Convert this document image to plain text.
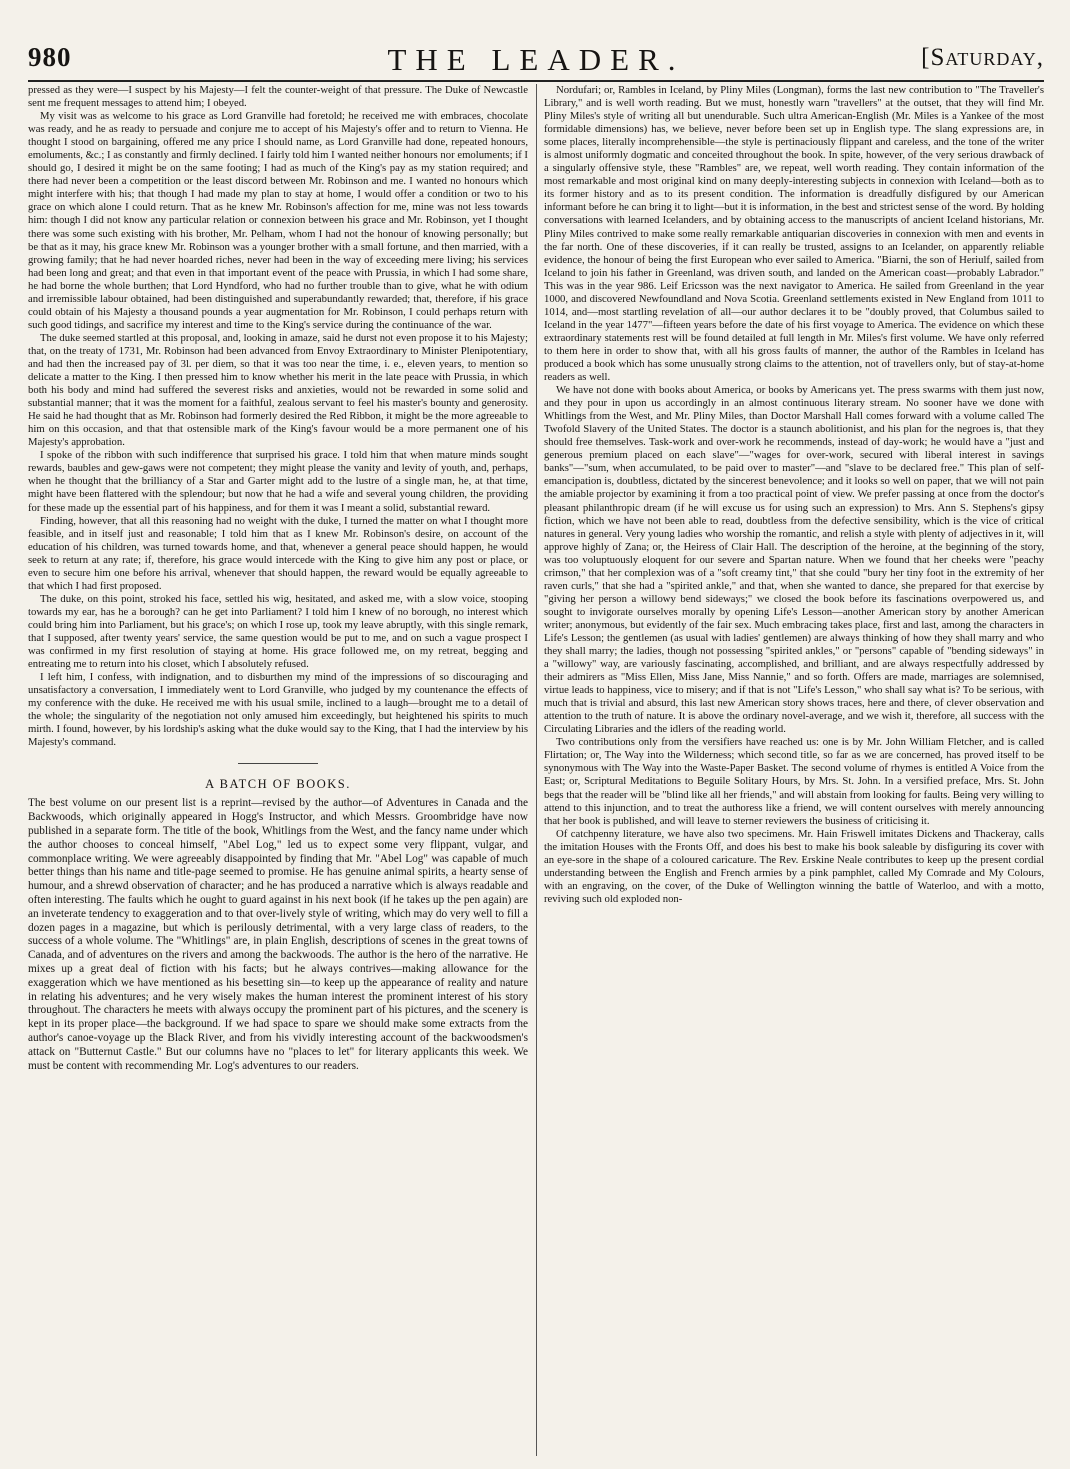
980	THE LEADER.
[	Saturday,

pressed as they were—I suspect by his Majesty—I felt the counter-weight of that pressure. The Duke of Newcastle sent me frequent messages to attend him; I obeyed.

My visit was as welcome to his grace as Lord Granville had foretold; he received me with embraces, chocolate was ready, and he as ready to persuade and conjure me to accept of his Majesty's offer and to return to Vienna. He thought I stood on bargaining, offered me any price I should name, as Lord Granville had done, repeated honours, emoluments, &c.; I as constantly and firmly declined. I fairly told him I wanted neither honours nor emoluments; if I should go, I desired it might be on the same footing; I had as much of the King's pay as my station required; and there had never been a competition or the least discord between Mr. Robinson and me. I wanted no honours which might interfere with his; that though I had made my plan to stay at home, I would offer a condition or two to his grace on which alone I could return. That as he knew Mr. Robinson's affection for me, mine was not less towards him: though I did not know any particular relation or connexion between his grace and Mr. Robinson, yet I thought there was some such existing with his brother, Mr. Pelham, whom I had not the honour of knowing personally; but be that as it may, his grace knew Mr. Robinson was a younger brother with a small fortune, and then married, with a growing family; that he had never hoarded riches, never had been in the way of exceeding mere living; his services had been long and great; and that even in that important event of the peace with Prussia, in which I had some share, he had borne the whole burthen; that Lord Hyndford, who had no further trouble than to give, what he with odium and irremissible labour obtained, had been distinguished and superabundantly rewarded; that, therefore, if his grace could obtain of his Majesty a thousand pounds a year augmentation for Mr. Robinson, I could perhaps return with such good tidings, and sacrifice my interest and time to the King's service during the continuance of the war.

The duke seemed startled at this proposal, and, looking in amaze, said he durst not even propose it to his Majesty; that, on the treaty of 1731, Mr. Robinson had been advanced from Envoy Extraordinary to Minister Plenipotentiary, and had then the increased pay of 3l. per diem, so that it was too near the time, i. e., eleven years, to mention so delicate a matter to the King. I then pressed him to know whether his merit in the late peace with Prussia, in which both his body and mind had suffered the severest risks and anxieties, would not be rewarded in some solid and substantial manner; that it was the moment for a faithful, zealous servant to feel his master's bounty and generosity. He said he had thought that as Mr. Robinson had formerly desired the Red Ribbon, it might be the more agreeable to him on this occasion, and that that ostensible mark of the King's favour would be a more permanent one of his Majesty's approbation.

I spoke of the ribbon with such indifference that surprised his grace. I told him that when mature minds sought rewards, baubles and gew-gaws were not competent; they might please the vanity and levity of youth, and, perhaps, when he thought that the brilliancy of a Star and Garter might add to the lustre of a single man, he, at that time, might have been flattered with the splendour; but now that he had a wife and several young children, the providing for these made up the essential part of his happiness, and for them it was I meant a solid, substantial reward.

Finding, however, that all this reasoning had no weight with the duke, I turned the matter on what I thought more feasible, and in itself just and reasonable; I told him that as I knew Mr. Robinson's desire, on account of the education of his children, was turned towards home, and that, whenever a general peace should happen, he would seek to return at any rate; if, therefore, his grace would intercede with the King to give him any post or place, or even to secure him one before his arrival, whenever that should happen, the reward would be equally agreeable to that which I had first proposed.

The duke, on this point, stroked his face, settled his wig, hesitated, and asked me, with a slow voice, stooping towards my ear, has he a borough? can he get into Parliament? I told him I knew of no borough, no interest which could bring him into Parliament, but his grace's; on which I rose up, took my leave abruptly, with this single remark, that I supposed, after twenty years' service, the same question would be put to me, and on such a vague prospect I was confirmed in my first resolution of staying at home. His grace followed me, on my retreat, begging and entreating me to return into his closet, which I absolutely refused.

I left him, I confess, with indignation, and to disburthen my mind of the impressions of so discouraging and unsatisfactory a conversation, I immediately went to Lord Granville, who judged by my countenance the effects of my conference with the duke. He received me with his usual smile, inclined to a laugh—brought me to a detail of the whole; the singularity of the negotiation not only amused him exceedingly, but heightened his spirits to much mirth. I found, however, by his lordship's asking what the duke would say to the King, that I had the interview by his Majesty's command.

A BATCH OF BOOKS.

The best volume on our present list is a reprint—revised by the author—of Adventures in Canada and the Backwoods, which originally appeared in Hogg's Instructor, and which Messrs. Groombridge have now published in a separate form. The title of the book, Whitlings from the West, and the fancy name under which the author chooses to conceal himself, "Abel Log," led us to expect some very flippant, vulgar, and commonplace writing. We were agreeably disappointed by finding that Mr. "Abel Log" was capable of much better things than his name and title-page seemed to promise. He has genuine animal spirits, a hearty sense of humour, and a shrewd observation of character; and he has produced a narrative which is always readable and often interesting. The faults which he ought to guard against in his next book (if he takes up the pen again) are an inveterate tendency to exaggeration and to that over-lively style of writing, which may do very well to fill a dozen pages in a magazine, but which is perilously detrimental, with a very large class of readers, to the success of a whole volume. The "Whitlings" are, in plain English, descriptions of scenes in the great towns of Canada, and of adventures on the rivers and among the backwoods. The author is the hero of the narrative. He mixes up a great deal of fiction with his facts; but he always contrives—making allowance for the exaggeration which we have mentioned as his besetting sin—to keep up the appearance of reality and nature in relating his adventures; and he very wisely makes the human interest the prominent interest of his story throughout. The characters he meets with always occupy the prominent part of his pictures, and the scenery is kept in its proper place—the background. If we had space to spare we should make some extracts from the author's canoe-voyage up the Black River, and from his vividly interesting account of the backwoodsmen's attack on "Butternut Castle." But our columns have no "places to let" for literary applicants this week. We must be content with recommending Mr. Log's adventures to our readers.

Nordufari; or, Rambles in Iceland, by Pliny Miles (Longman), forms the last new contribution to "The Traveller's Library," and is well worth reading. But we must, honestly warn "travellers" at the outset, that they will find Mr. Pliny Miles's style of writing all but unendurable. Such ultra American-English (Mr. Miles is a Yankee of the most formidable dimensions) has, we believe, never before been set up in English type. The slang expressions are, in some places, literally incomprehensible—the style is pertinaciously flippant and careless, and the tone of the writer is almost uniformly dogmatic and conceited throughout the book. In spite, however, of the very serious drawback of a singularly offensive style, these "Rambles" are, we repeat, well worth reading. They contain information of the most remarkable and most original kind on many deeply-interesting subjects in connexion with Iceland—both as to its former history and as to its present condition. The information is dreadfully disfigured by our American informant before he can bring it to light—but it is information, in the best and strictest sense of the word. By holding conversations with learned Icelanders, and by obtaining access to the manuscripts of ancient Iceland historians, Mr. Pliny Miles contrived to make some really remarkable antiquarian discoveries in connexion with men and events in the far north. One of these discoveries, if it can really be trusted, assigns to an Icelander, on apparently reliable evidence, the honour of being the first European who ever sailed to America. "Biarni, the son of Heriulf, sailed from Iceland to join his father in Greenland, was driven south, and landed on the American coast—probably Labrador." This was in the year 986. Leif Ericsson was the next navigator to America. He sailed from Greenland in the year 1000, and discovered Newfoundland and Nova Scotia. Greenland settlements existed in New England from 1011 to 1014, and—most startling revelation of all—our author declares it to be "doubly proved, that Columbus sailed to Iceland in the year 1477"—fifteen years before the date of his first voyage to America. The evidence on which these extraordinary statements rest will be found detailed at full length in Mr. Miles's first volume. We have only referred to them here in order to show that, with all his gross faults of manner, the author of the Rambles in Iceland has produced a book which has some unusually strong claims to the attention, not of travellers only, but of stay-at-home readers as well.

We have not done with books about America, or books by Americans yet. The press swarms with them just now, and they pour in upon us accordingly in an almost continuous literary stream. No sooner have we done with Whitlings from the West, and Mr. Pliny Miles, than Doctor Marshall Hall comes forward with a volume called The Twofold Slavery of the United States. The doctor is a staunch abolitionist, and his plan for the negroes is, that they should free themselves. Task-work and over-work he recommends, instead of day-work; he would have a "just and generous premium placed on each slave"—"wages for over-work, secured with liberal interest in savings banks"—"sum, when accumulated, to be paid over to master"—and "slave to be declared free." This plan of self-emancipation is, doubtless, dictated by the sincerest benevolence; and it looks so well on paper, that we will not pain the amiable projector by examining it from a too practical point of view. We prefer passing at once from the doctor's pleasant philanthropic dream (if he will excuse us for using such an expression) to Mrs. Ann S. Stephens's gipsy fiction, which we have not been able to read, doubtless from the defective sensibility, which is the vice of critical natures in general. Very young ladies who worship the romantic, and relish a style with plenty of adjectives in it, will approve highly of Zana; or, the Heiress of Clair Hall. The description of the heroine, at the beginning of the story, was too voluptuously eloquent for our severe and Spartan nature. When we found that her cheeks were "peachy crimson," that her complexion was of a "soft creamy tint," that she could "bury her tiny foot in the extremity of her raven curls," that she had a "spirited ankle," and that, when she wanted to dance, she prepared for that exercise by "giving her person a willowy bend sideways;" we closed the book before its fascinations overpowered us, and sought to invigorate ourselves morally by opening Life's Lesson—another American story by another American writer; anonymous, but evidently of the fair sex. Much embracing takes place, first and last, among the characters in Life's Lesson; the gentlemen (as usual with ladies' gentlemen) are always thinking of how they shall marry and who they shall marry; the ladies, though not possessing "spirited ankles," or "persons" capable of "bending sideways" in a "willowy" way, are variously fascinating, accomplished, and brilliant, and are always respectfully addressed by their admirers as "Miss Ellen, Miss Jane, Miss Nannie," and so forth. Offers are made, marriages are solemnised, virtue leads to happiness, vice to misery; and if that is not "Life's Lesson," who shall say what is? To be serious, with much that is trivial and absurd, this last new American story shows traces, here and there, of clever observation and attention to the truth of nature. It is above the ordinary novel-average, and we wish it, therefore, all success with the Circulating Libraries and the idlers of the reading world.

Two contributions only from the versifiers have reached us: one is by Mr. John William Fletcher, and is called Flirtation; or, The Way into the Wilderness; which second title, so far as we are concerned, has proved itself to be synonymous with The Way into the Waste-Paper Basket. The second volume of rhymes is entitled A Voice from the East; or, Scriptural Meditations to Beguile Solitary Hours, by Mrs. St. John. In a versified preface, Mrs. St. John begs that the reader will be "blind like all her friends," and will abstain from looking for faults. Being very willing to attend to this injunction, and to treat the authoress like a friend, we will content ourselves with merely announcing that her book is published, and will leave to sterner reviewers the business of criticising it.

Of catchpenny literature, we have also two specimens. Mr. Hain Friswell imitates Dickens and Thackeray, calls the imitation Houses with the Fronts Off, and does his best to make his book saleable by disfiguring its cover with an eye-sore in the shape of a coloured caricature. The Rev. Erskine Neale contributes to keep up the present cordial understanding between the English and French armies by a pink pamphlet, called My Comrade and My Colours, with an engraving, on the cover, of the Duke of Wellington winning the battle of Waterloo, and with a motto, reviving such old exploded non-
